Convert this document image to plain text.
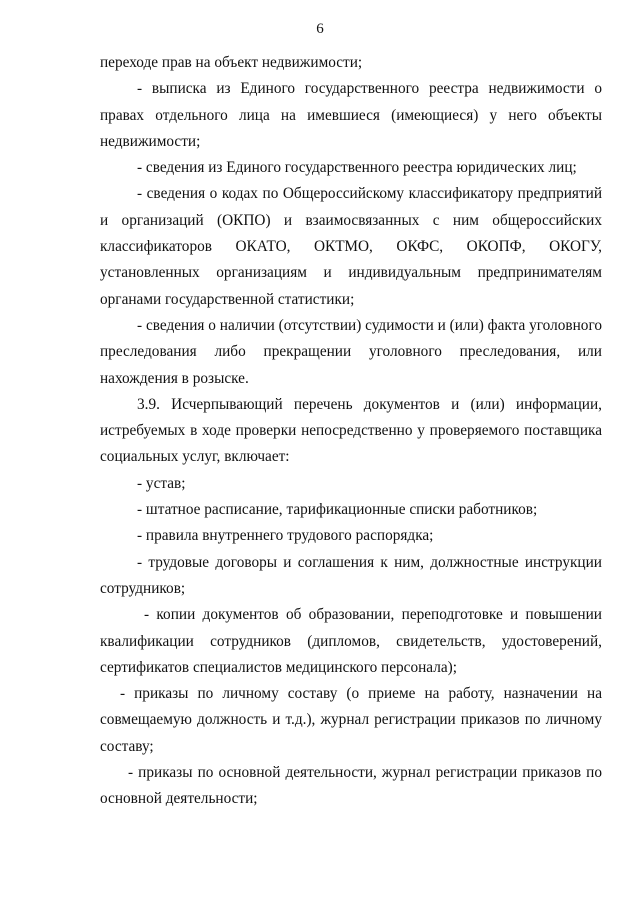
6

переходе прав на объект недвижимости;

- выписка из Единого государственного реестра недвижимости о правах отдельного лица на имевшиеся (имеющиеся) у него объекты недвижимости;

- сведения из Единого государственного реестра юридических лиц;

- сведения о кодах по Общероссийскому классификатору предприятий и организаций (ОКПО) и взаимосвязанных с ним общероссийских классификаторов ОКАТО, ОКТМО, ОКФС, ОКОПФ, ОКОГУ, установленных организациям и индивидуальным предпринимателям органами государственной статистики;

- сведения о наличии (отсутствии) судимости и (или) факта уголовного преследования либо прекращении уголовного преследования, или нахождения в розыске.

3.9. Исчерпывающий перечень документов и (или) информации, истребуемых в ходе проверки непосредственно у проверяемого поставщика социальных услуг, включает:

- устав;

- штатное расписание, тарификационные списки работников;

- правила внутреннего трудового распорядка;

- трудовые договоры и соглашения к ним, должностные инструкции сотрудников;

- копии документов об образовании, переподготовке и повышении квалификации сотрудников (дипломов, свидетельств, удостоверений, сертификатов специалистов медицинского персонала);

- приказы по личному составу (о приеме на работу, назначении на совмещаемую должность и т.д.), журнал регистрации приказов по личному составу;

- приказы по основной деятельности, журнал регистрации приказов по основной деятельности;
